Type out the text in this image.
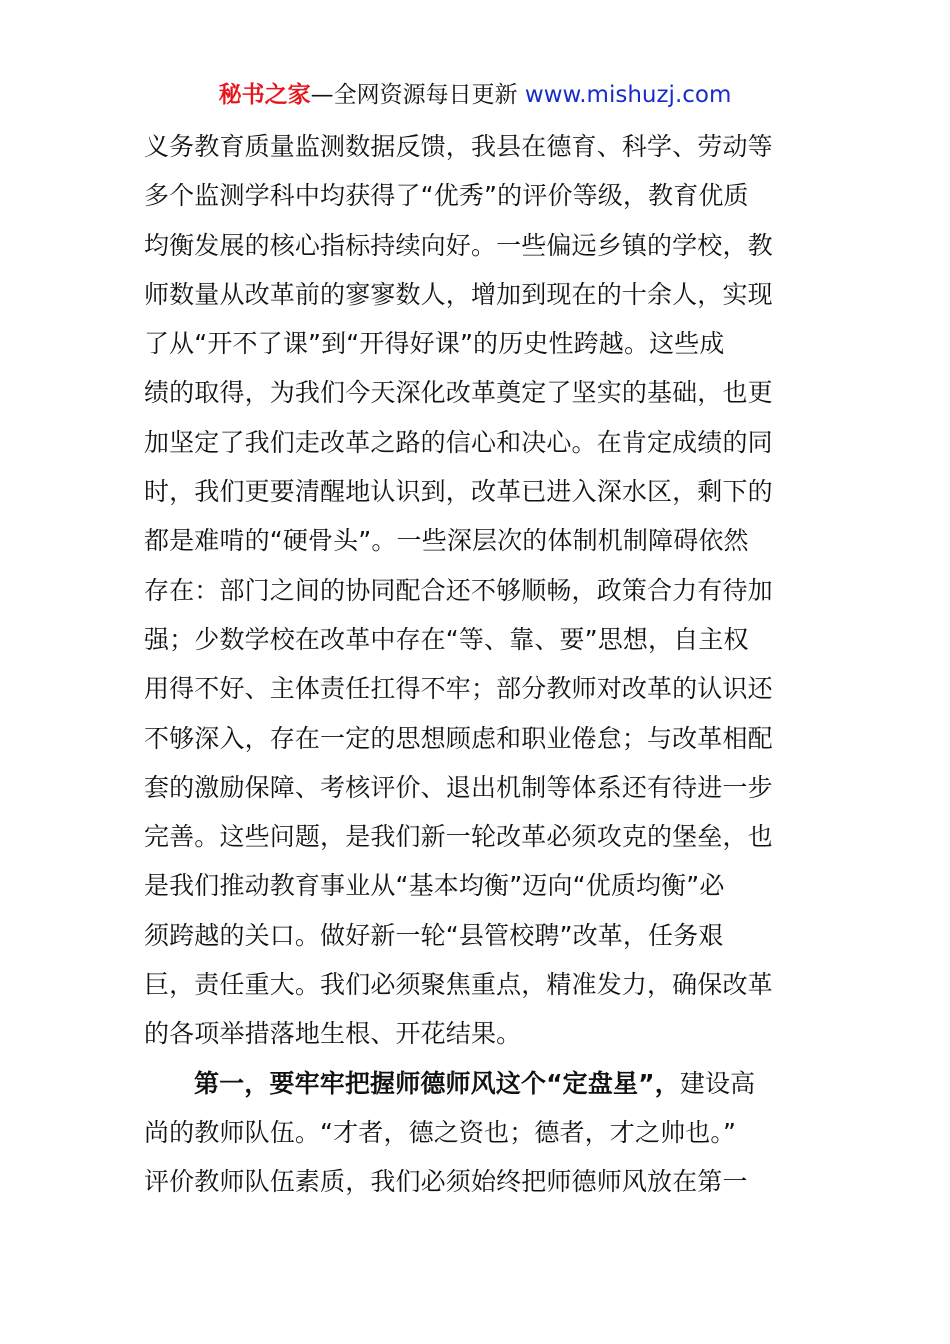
秘书之家—全网资源每日更新 www.mishuzj.com
义务教育质量监测数据反馈，我县在德育、科学、劳动等
多个监测学科中均获得了“优秀”的评价等级，教育优质
均衡发展的核心指标持续向好。一些偏远乡镇的学校，教
师数量从改革前的寥寥数人，增加到现在的十余人，实现
了从“开不了课”到“开得好课”的历史性跨越。这些成
绩的取得，为我们今天深化改革奠定了坚实的基础，也更
加坚定了我们走改革之路的信心和决心。在肯定成绩的同
时，我们更要清醒地认识到，改革已进入深水区，剩下的
都是难啃的“硬骨头”。一些深层次的体制机制障碍依然
存在：部门之间的协同配合还不够顺畅，政策合力有待加
强；少数学校在改革中存在“等、靠、要”思想，自主权
用得不好、主体责任扛得不牢；部分教师对改革的认识还
不够深入，存在一定的思想顾虑和职业倦怠；与改革相配
套的激励保障、考核评价、退出机制等体系还有待进一步
完善。这些问题，是我们新一轮改革必须攻克的堡垒，也
是我们推动教育事业从“基本均衡”迈向“优质均衡”必
须跨越的关口。做好新一轮“县管校聘”改革，任务艰
巨，责任重大。我们必须聚焦重点，精准发力，确保改革
的各项举措落地生根、开花结果。
第一，要牢牢把握师德师风这个“定盘星”，建设高
尚的教师队伍。“才者，德之资也；德者，才之帅也。”
评价教师队伍素质，我们必须始终把师德师风放在第一
